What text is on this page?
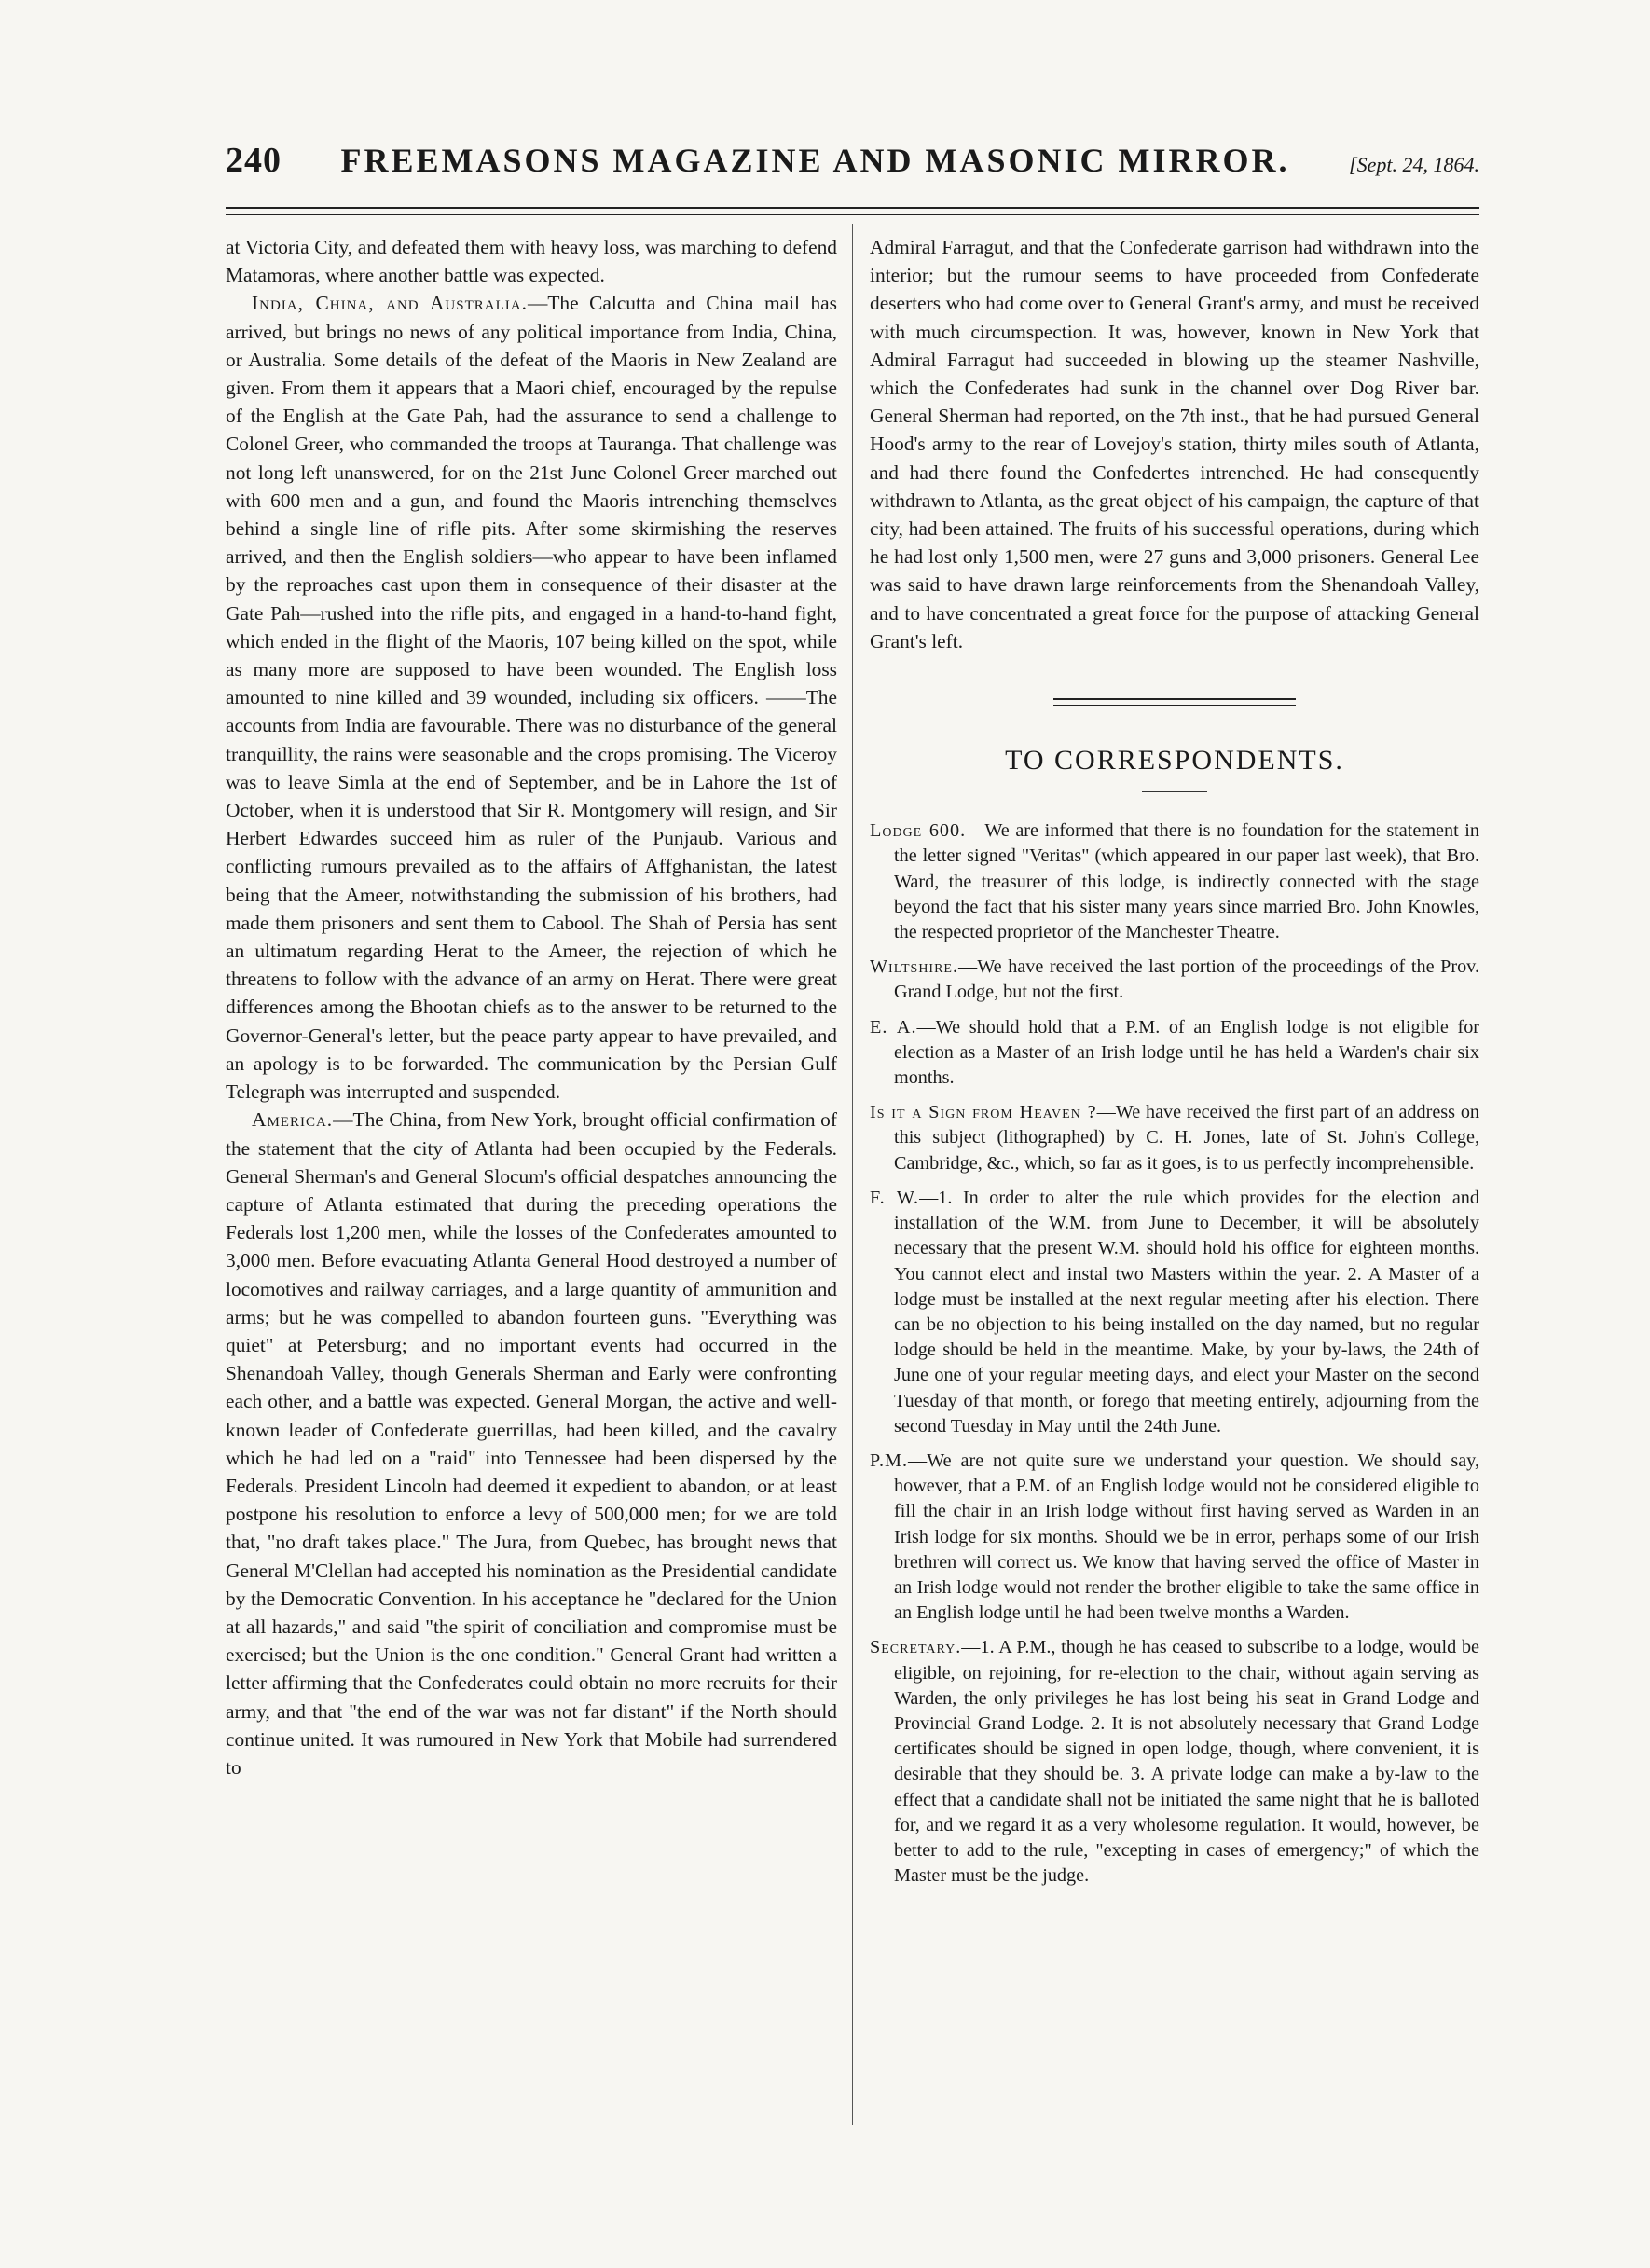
240 FREEMASONS MAGAZINE AND MASONIC MIRROR.	[Sept. 24, 1864.

at Victoria City, and defeated them with heavy loss, was marching to defend Matamoras, where another battle was expected.

India, China, and Australia.—The Calcutta and China mail has arrived, but brings no news of any political importance from India, China, or Australia. Some details of the defeat of the Maoris in New Zealand are given. From them it appears that a Maori chief, encouraged by the repulse of the English at the Gate Pah, had the assurance to send a challenge to Colonel Greer, who commanded the troops at Tauranga. That challenge was not long left unanswered, for on the 21st June Colonel Greer marched out with 600 men and a gun, and found the Maoris intrenching themselves behind a single line of rifle pits. After some skirmishing the reserves arrived, and then the English soldiers—who appear to have been inflamed by the reproaches cast upon them in consequence of their disaster at the Gate Pah—rushed into the rifle pits, and engaged in a hand-to-hand fight, which ended in the flight of the Maoris, 107 being killed on the spot, while as many more are supposed to have been wounded. The English loss amounted to nine killed and 39 wounded, including six officers. ——The accounts from India are favourable. There was no disturbance of the general tranquillity, the rains were seasonable and the crops promising. The Viceroy was to leave Simla at the end of September, and be in Lahore the 1st of October, when it is understood that Sir R. Montgomery will resign, and Sir Herbert Edwardes succeed him as ruler of the Punjaub. Various and conflicting rumours prevailed as to the affairs of Affghanistan, the latest being that the Ameer, notwithstanding the submission of his brothers, had made them prisoners and sent them to Cabool. The Shah of Persia has sent an ultimatum regarding Herat to the Ameer, the rejection of which he threatens to follow with the advance of an army on Herat. There were great differences among the Bhootan chiefs as to the answer to be returned to the Governor-General's letter, but the peace party appear to have prevailed, and an apology is to be forwarded. The communication by the Persian Gulf Telegraph was interrupted and suspended.

America.—The China, from New York, brought official confirmation of the statement that the city of Atlanta had been occupied by the Federals. General Sherman's and General Slocum's official despatches announcing the capture of Atlanta estimated that during the preceding operations the Federals lost 1,200 men, while the losses of the Confederates amounted to 3,000 men. Before evacuating Atlanta General Hood destroyed a number of locomotives and railway carriages, and a large quantity of ammunition and arms; but he was compelled to abandon fourteen guns. "Everything was quiet" at Petersburg; and no important events had occurred in the Shenandoah Valley, though Generals Sherman and Early were confronting each other, and a battle was expected. General Morgan, the active and well-known leader of Confederate guerrillas, had been killed, and the cavalry which he had led on a "raid" into Tennessee had been dispersed by the Federals. President Lincoln had deemed it expedient to abandon, or at least postpone his resolution to enforce a levy of 500,000 men; for we are told that, "no draft takes place." The Jura, from Quebec, has brought news that General M'Clellan had accepted his nomination as the Presidential candidate by the Democratic Convention. In his acceptance he "declared for the Union at all hazards," and said "the spirit of conciliation and compromise must be exercised; but the Union is the one condition." General Grant had written a letter affirming that the Confederates could obtain no more recruits for their army, and that "the end of the war was not far distant" if the North should continue united. It was rumoured in New York that Mobile had surrendered to

Admiral Farragut, and that the Confederate garrison had withdrawn into the interior; but the rumour seems to have proceeded from Confederate deserters who had come over to General Grant's army, and must be received with much circumspection. It was, however, known in New York that Admiral Farragut had succeeded in blowing up the steamer Nashville, which the Confederates had sunk in the channel over Dog River bar. General Sherman had reported, on the 7th inst., that he had pursued General Hood's army to the rear of Lovejoy's station, thirty miles south of Atlanta, and had there found the Confedertes intrenched. He had consequently withdrawn to Atlanta, as the great object of his campaign, the capture of that city, had been attained. The fruits of his successful operations, during which he had lost only 1,500 men, were 27 guns and 3,000 prisoners. General Lee was said to have drawn large reinforcements from the Shenandoah Valley, and to have concentrated a great force for the purpose of attacking General Grant's left.

TO CORRESPONDENTS.

Lodge 600.—We are informed that there is no foundation for the statement in the letter signed "Veritas" (which appeared in our paper last week), that Bro. Ward, the treasurer of this lodge, is indirectly connected with the stage beyond the fact that his sister many years since married Bro. John Knowles, the respected proprietor of the Manchester Theatre.

Wiltshire.—We have received the last portion of the proceedings of the Prov. Grand Lodge, but not the first.

E. A.—We should hold that a P.M. of an English lodge is not eligible for election as a Master of an Irish lodge until he has held a Warden's chair six months.

Is it a Sign from Heaven ?—We have received the first part of an address on this subject (lithographed) by C. H. Jones, late of St. John's College, Cambridge, &c., which, so far as it goes, is to us perfectly incomprehensible.

F. W.—1. In order to alter the rule which provides for the election and installation of the W.M. from June to December, it will be absolutely necessary that the present W.M. should hold his office for eighteen months. You cannot elect and instal two Masters within the year. 2. A Master of a lodge must be installed at the next regular meeting after his election. There can be no objection to his being installed on the day named, but no regular lodge should be held in the meantime. Make, by your by-laws, the 24th of June one of your regular meeting days, and elect your Master on the second Tuesday of that month, or forego that meeting entirely, adjourning from the second Tuesday in May until the 24th June.

P.M.—We are not quite sure we understand your question. We should say, however, that a P.M. of an English lodge would not be considered eligible to fill the chair in an Irish lodge without first having served as Warden in an Irish lodge for six months. Should we be in error, perhaps some of our Irish brethren will correct us. We know that having served the office of Master in an Irish lodge would not render the brother eligible to take the same office in an English lodge until he had been twelve months a Warden.

Secretary.—1. A P.M., though he has ceased to subscribe to a lodge, would be eligible, on rejoining, for re-election to the chair, without again serving as Warden, the only privileges he has lost being his seat in Grand Lodge and Provincial Grand Lodge. 2. It is not absolutely necessary that Grand Lodge certificates should be signed in open lodge, though, where convenient, it is desirable that they should be. 3. A private lodge can make a by-law to the effect that a candidate shall not be initiated the same night that he is balloted for, and we regard it as a very wholesome regulation. It would, however, be better to add to the rule, "excepting in cases of emergency;" of which the Master must be the judge.
